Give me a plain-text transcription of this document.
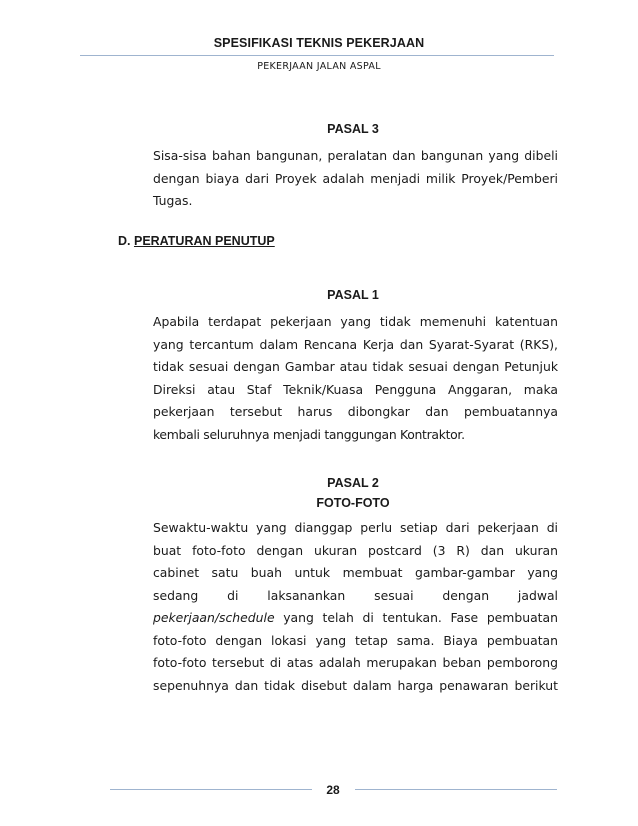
SPESIFIKASI TEKNIS PEKERJAAN
PEKERJAAN JALAN ASPAL
PASAL 3
Sisa-sisa bahan bangunan, peralatan dan bangunan yang dibeli
dengan biaya dari Proyek adalah menjadi milik Proyek/Pemberi
Tugas.
D. PERATURAN PENUTUP
PASAL 1
Apabila terdapat pekerjaan yang tidak memenuhi katentuan
yang tercantum dalam Rencana Kerja dan Syarat-Syarat (RKS),
tidak sesuai dengan Gambar atau tidak sesuai dengan Petunjuk
Direksi atau Staf Teknik/Kuasa Pengguna Anggaran, maka
pekerjaan tersebut harus dibongkar dan pembuatannya
kembali seluruhnya menjadi tanggungan Kontraktor.
PASAL 2
FOTO-FOTO
Sewaktu-waktu yang dianggap perlu setiap dari pekerjaan di
buat foto-foto dengan ukuran postcard (3 R) dan ukuran
cabinet satu buah untuk membuat gambar-gambar yang
sedang di laksanankan sesuai dengan jadwal
pekerjaan/schedule yang telah di tentukan. Fase pembuatan
foto-foto dengan lokasi yang tetap sama. Biaya pembuatan
foto-foto tersebut di atas adalah merupakan beban pemborong
sepenuhnya dan tidak disebut dalam harga penawaran berikut
28
